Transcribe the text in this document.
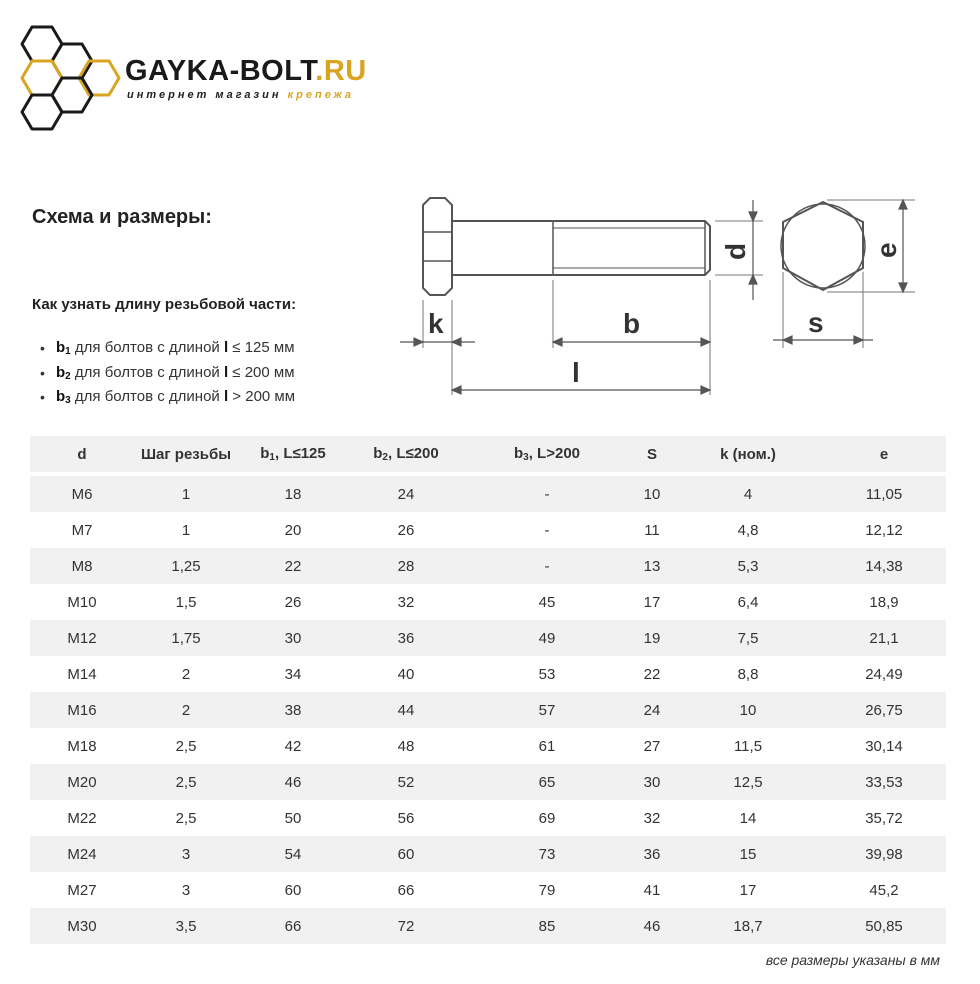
GAYKA-BOLT.RU
интернет магазин крепежа
Схема и размеры:
Как узнать длину резьбовой части:
• $b_1$ для болтов с длиной l ≤ 125 мм
• $b_2$ для болтов с длиной l ≤ 200 мм
• $b_3$ для болтов с длиной l > 200 мм
k	b
l
d
s
e
d	Шаг резьбы	$b_1$, L≤125	$b_2$, L≤200	$b_3$, L>200	S	k (ном.)	e

M6	1	18	24	-	10	4	11,05
M7	1	20	26	-	11	4,8	12,12
M8	1,25	22	28	-	13	5,3	14,38
M10	1,5	26	32	45	17	6,4	18,9
M12	1,75	30	36	49	19	7,5	21,1
M14	2	34	40	53	22	8,8	24,49
M16	2	38	44	57	24	10	26,75
M18	2,5	42	48	61	27	11,5	30,14
M20	2,5	46	52	65	30	12,5	33,53
M22	2,5	50	56	69	32	14	35,72
M24	3	54	60	73	36	15	39,98
M27	3	60	66	79	41	17	45,2
M30	3,5	66	72	85	46	18,7	50,85
все размеры указаны в мм
